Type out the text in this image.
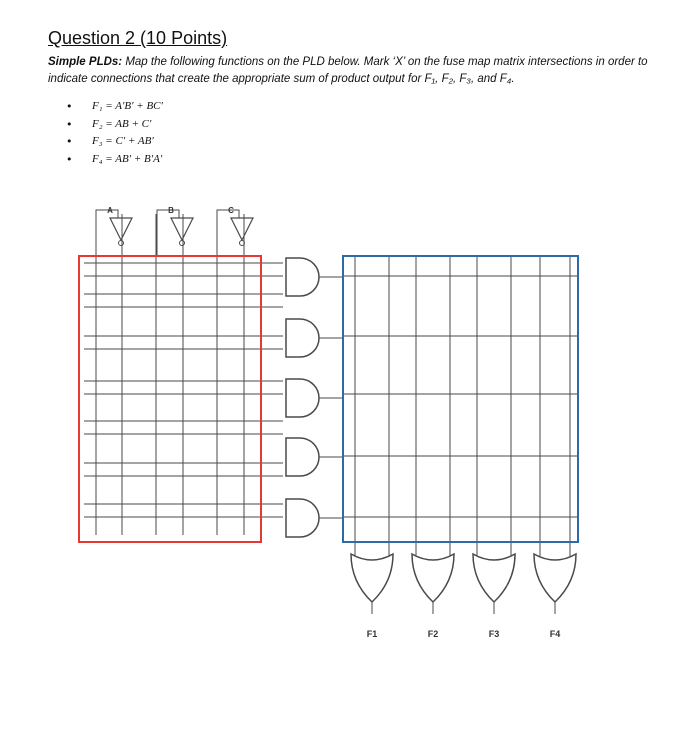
Question 2 (10 Points)
Simple PLDs: Map the following functions on the PLD below. Mark ‘X’ on the fuse map matrix intersections in order to indicate connections that create the appropriate sum of product output for F₁, F₂, F₃, and F₄.
• F₁ = A′B′ + BC′
• F₂ = AB + C′
• F₃ = C′ + AB′
• F₄ = AB′ + B′A′
A	B	C
F1	F2	F3	F4
